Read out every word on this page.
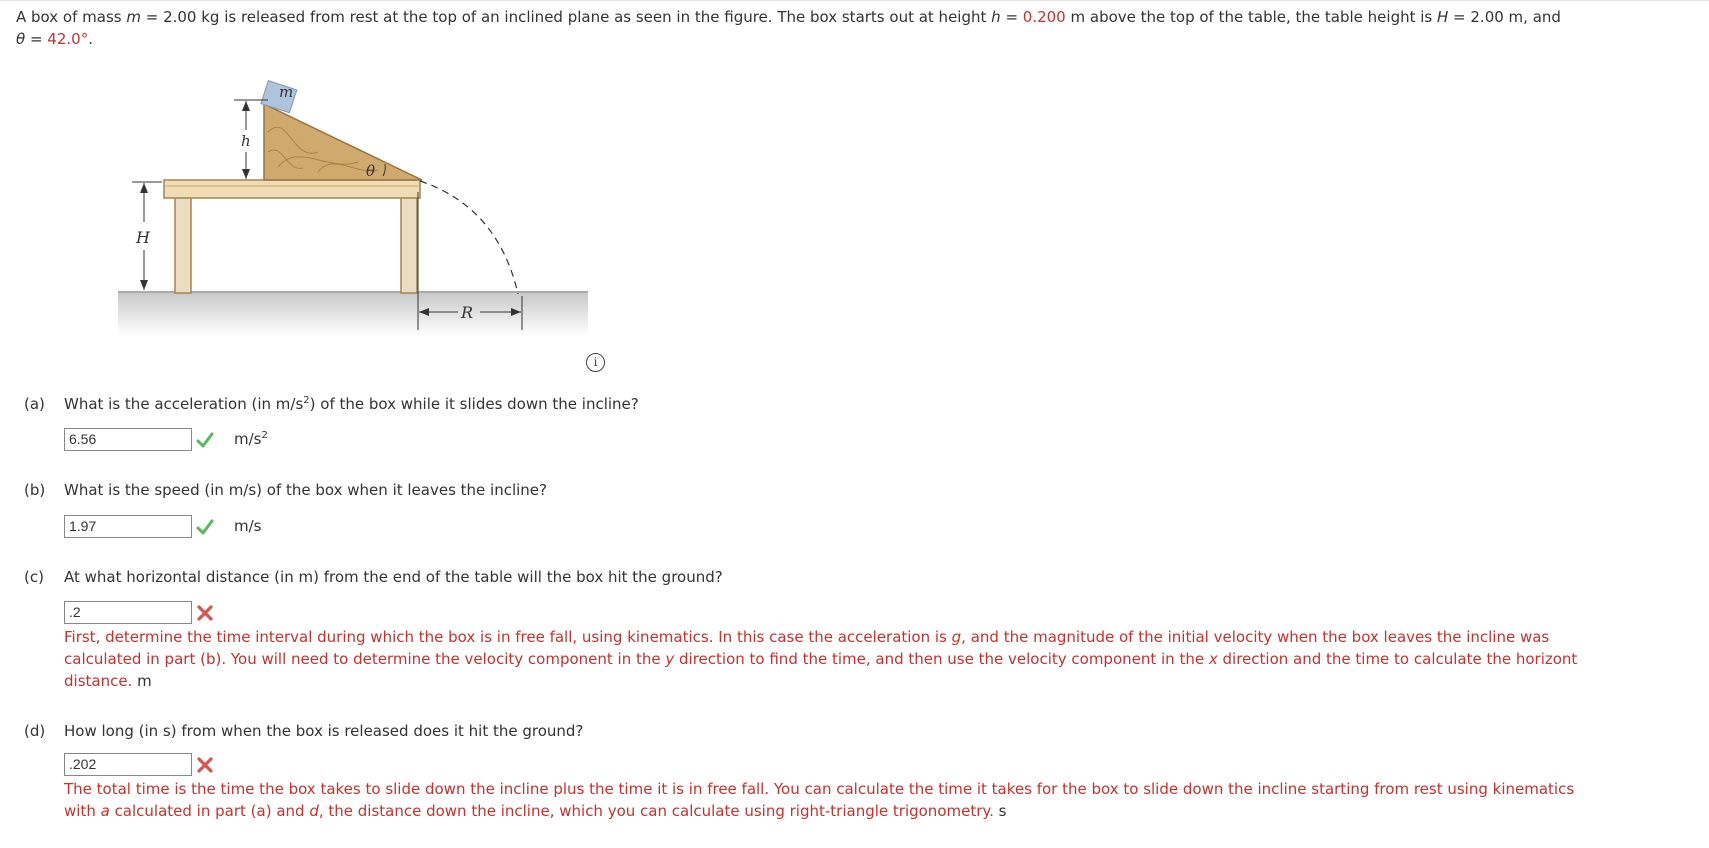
A box of mass m = 2.00 kg is released from rest at the top of an inclined plane as seen in the figure. The box starts out at height h = 0.200 m above the top of the table, the table height is H = 2.00 m, and
θ = 42.0°.
m
h
θ
H
R
i
(a) What is the acceleration (in $m/s^2$) of the box while it slides down the incline?
6.56	$m/s^2$
(b) What is the speed (in m/s) of the box when it leaves the incline?
1.97	m/s
(c) At what horizontal distance (in m) from the end of the table will the box hit the ground?
.2
First, determine the time interval during which the box is in free fall, using kinematics. In this case the acceleration is g, and the magnitude of the initial velocity when the box leaves the incline was
calculated in part (b). You will need to determine the velocity component in the y direction to find the time, and then use the velocity component in the x direction and the time to calculate the horizont
distance. m
(d) How long (in s) from when the box is released does it hit the ground?
.202
The total time is the time the box takes to slide down the incline plus the time it is in free fall. You can calculate the time it takes for the box to slide down the incline starting from rest using kinematics
with a calculated in part (a) and d, the distance down the incline, which you can calculate using right-triangle trigonometry. s
